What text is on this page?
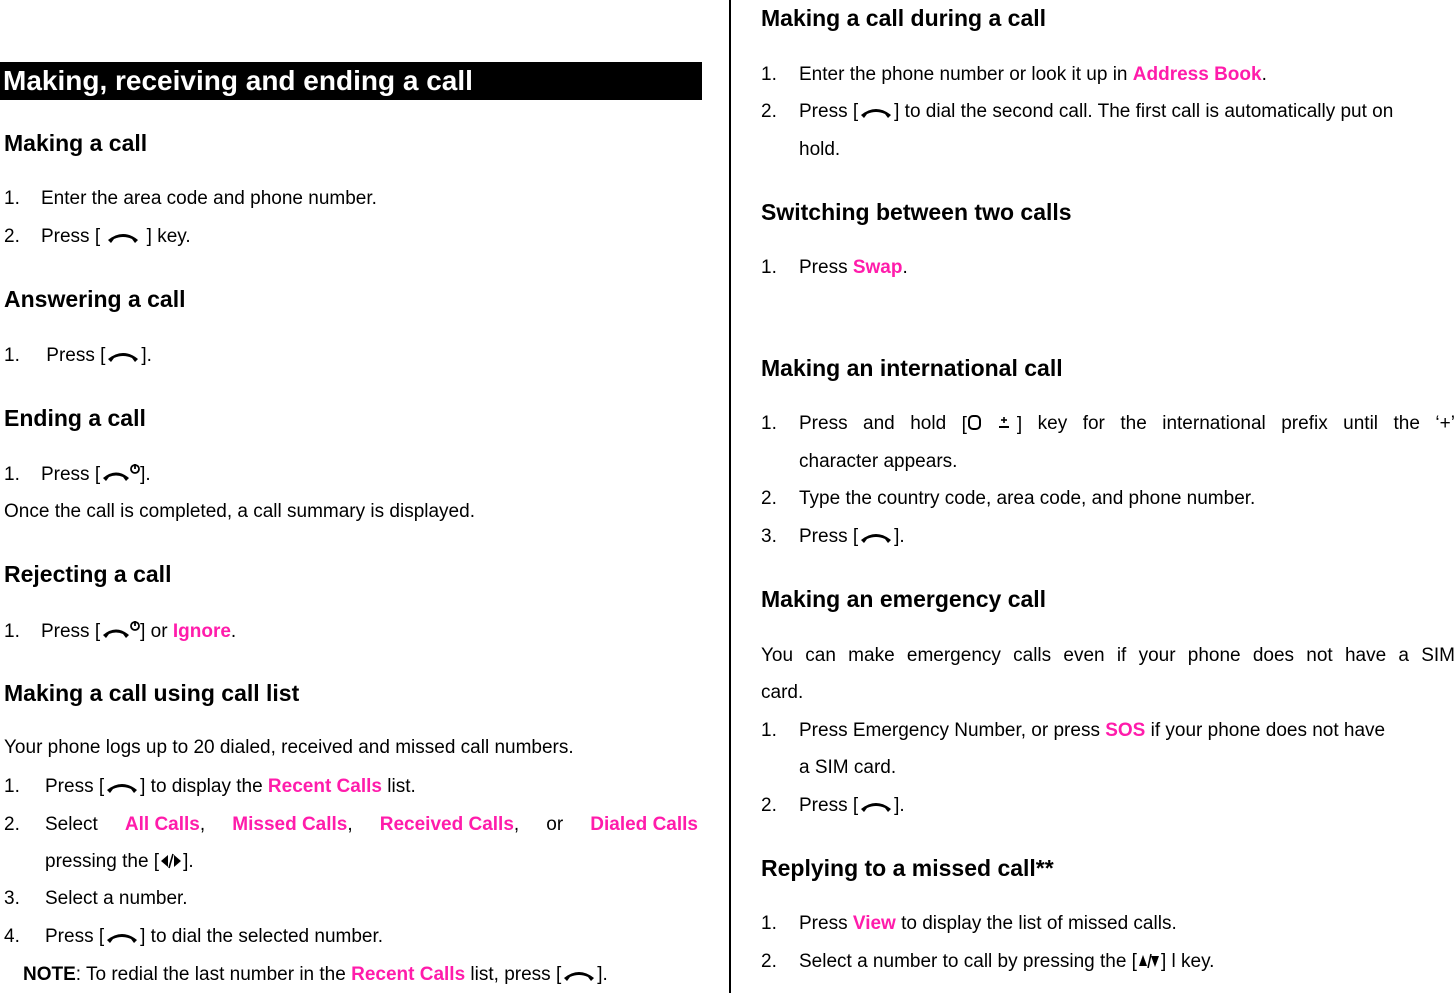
Making, receiving and ending a call
Making a call
1. Enter the area code and phone number.
2. Press [ ] key.
Answering a call
1. Press [ ].
Ending a call
1. Press [ ].
Once the call is completed, a call summary is displayed.
Rejecting a call
1. Press [ ] or Ignore.
Making a call using call list
Your phone logs up to 20 dialed, received and missed call numbers.
1. Press [ ] to display the Recent Calls list.
2.	Select All Calls, Missed Calls, Received Calls, or Dialed Calls
pressing the [ ].
3. Select a number.
4. Press [ ] to dial the selected number.
NOTE: To redial the last number in the Recent Calls list, press [ ].
Making a call during a call
1. Enter the phone number or look it up in Address Book.
2. Press [ ] to dial the second call. The first call is automatically put on
hold.
Switching between two calls
1. Press Swap.
Making an international call
1.	Press and hold [	] key for the international prefix until the ‘+’
character appears.
2. Type the country code, area code, and phone number.
3. Press [ ].
Making an emergency call
You can make emergency calls even if your phone does not have a SIM
card.
1. Press Emergency Number, or press SOS if your phone does not have
a SIM card.
2. Press [ ].
Replying to a missed call**
1. Press View to display the list of missed calls.
2. Select a number to call by pressing the [ ] l key.
